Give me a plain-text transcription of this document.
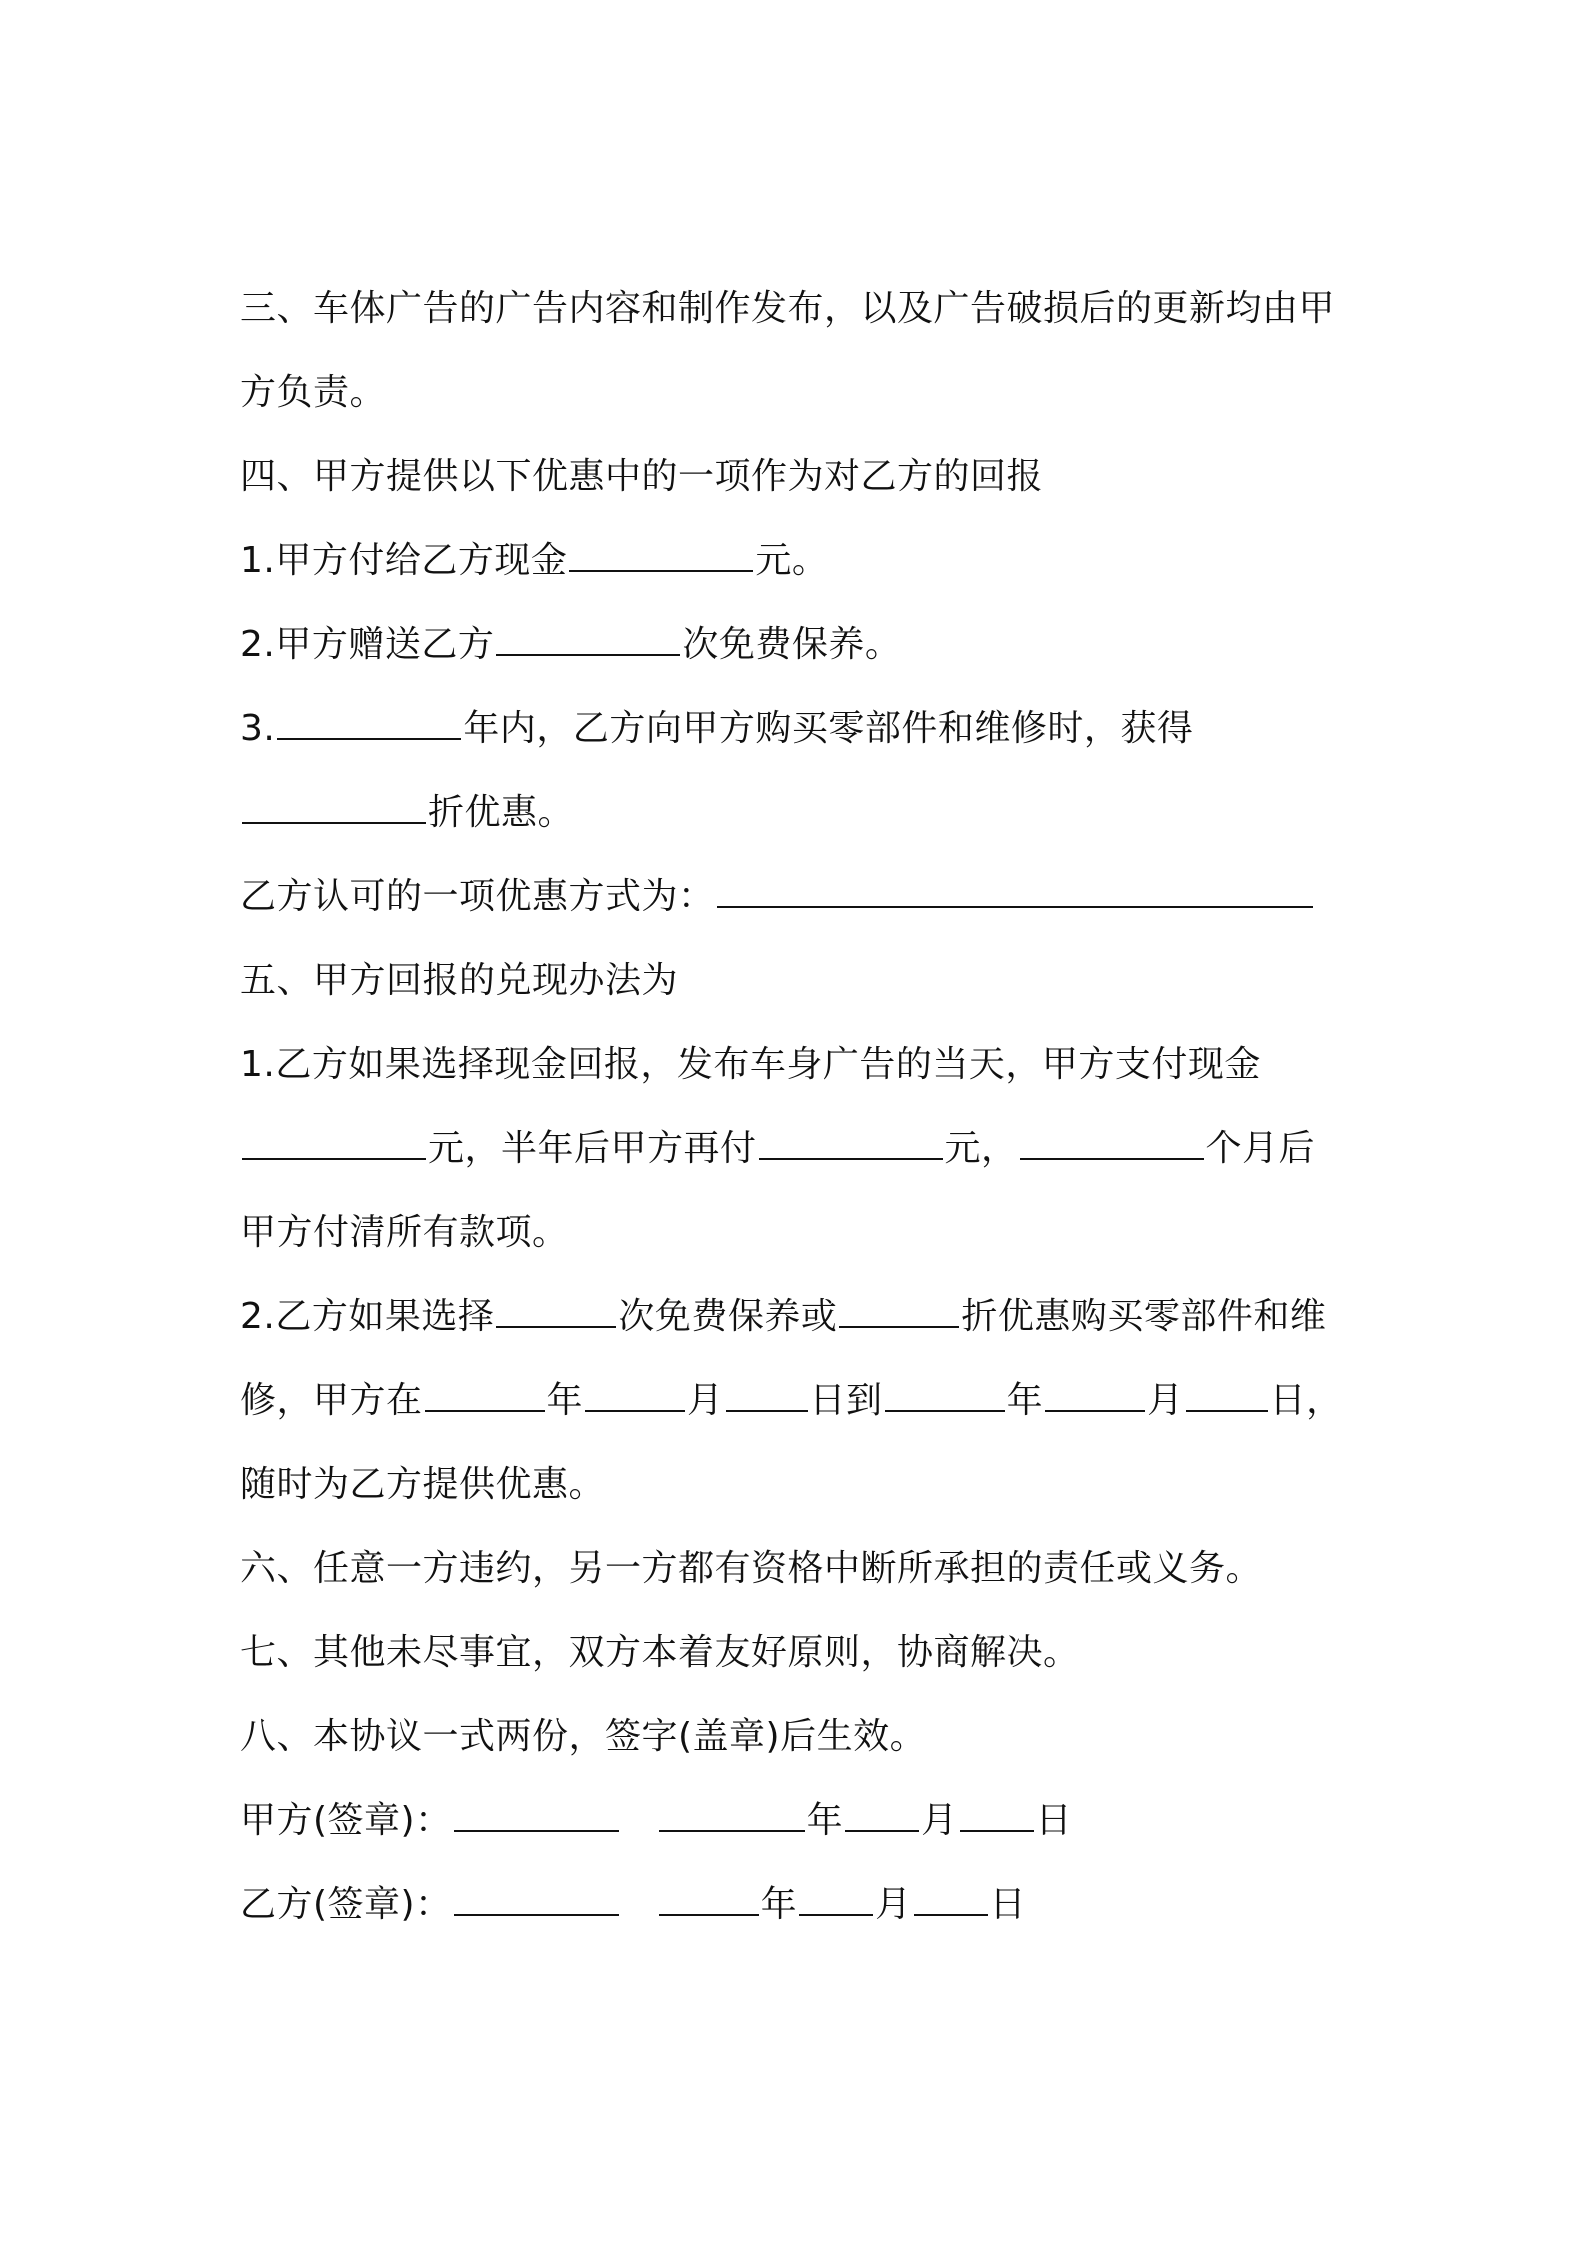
三、车体广告的广告内容和制作发布，以及广告破损后的更新均由甲
方负责。
四、甲方提供以下优惠中的一项作为对乙方的回报
1.甲方付给乙方现金	元。
2.甲方赠送乙方	次免费保养。
3.	年内，乙方向甲方购买零部件和维修时，获得
折优惠。
乙方认可的一项优惠方式为：
五、甲方回报的兑现办法为
1.乙方如果选择现金回报，发布车身广告的当天，甲方支付现金
元，半年后甲方再付	元，	个月后
甲方付清所有款项。
2.乙方如果选择	次免费保养或	折优惠购买零部件和维
修，甲方在	年	月 日到	年	月 日，
随时为乙方提供优惠。
六、任意一方违约，另一方都有资格中断所承担的责任或义务。
七、其他未尽事宜，双方本着友好原则，协商解决。
八、本协议一式两份，签字(盖章)后生效。
甲方(签章)：	年 月 日
乙方(签章)：	年 月 日
